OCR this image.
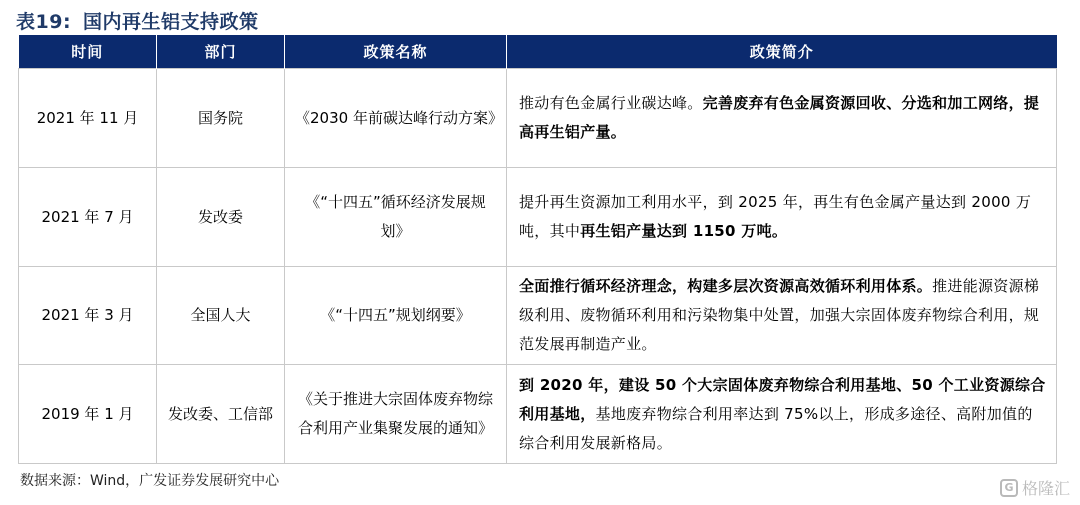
表19: 国内再生铝支持政策
时间	部门	政策名称	政策简介
2021 年 11 月	国务院	《2030 年前碳达峰行动方案》	推动有色金属行业碳达峰。完善废弃有色金属资源回收、分选和加工网络，提高再生铝产量。
2021 年 7 月	发改委	《“十四五”循环经济发展规划》	提升再生资源加工利用水平，到 2025 年，再生有色金属产量达到 2000 万吨，其中再生铝产量达到 1150 万吨。
2021 年 3 月	全国人大	《“十四五”规划纲要》	全面推行循环经济理念，构建多层次资源高效循环利用体系。推进能源资源梯级利用、废物循环利用和污染物集中处置，加强大宗固体废弃物综合利用，规范发展再制造产业。
2019 年 1 月	发改委、工信部	《关于推进大宗固体废弃物综合利用产业集聚发展的通知》	到 2020 年，建设 50 个大宗固体废弃物综合利用基地、50 个工业资源综合利用基地，基地废弃物综合利用率达到 75%以上，形成多途径、高附加值的综合利用发展新格局。
数据来源：Wind，广发证券发展研究中心	G 格隆汇
